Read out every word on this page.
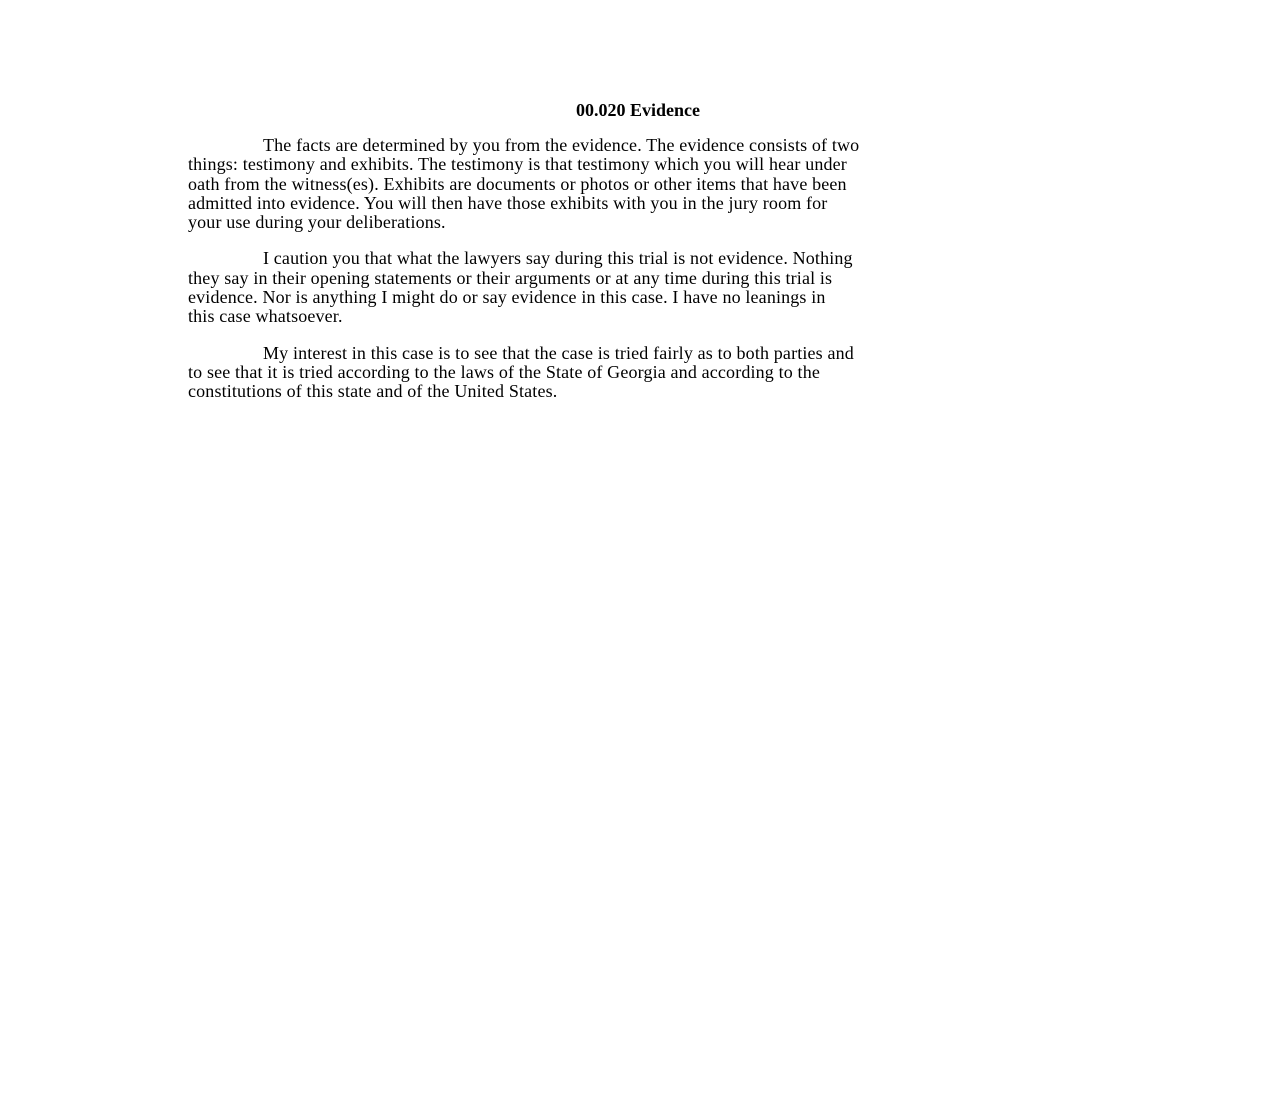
00.020 Evidence

The facts are determined by you from the evidence. The evidence consists of two
things: testimony and exhibits. The testimony is that testimony which you will hear under
oath from the witness(es). Exhibits are documents or photos or other items that have been
admitted into evidence. You will then have those exhibits with you in the jury room for
your use during your deliberations.

I caution you that what the lawyers say during this trial is not evidence. Nothing
they say in their opening statements or their arguments or at any time during this trial is
evidence. Nor is anything I might do or say evidence in this case. I have no leanings in
this case whatsoever.

My interest in this case is to see that the case is tried fairly as to both parties and
to see that it is tried according to the laws of the State of Georgia and according to the
constitutions of this state and of the United States.
